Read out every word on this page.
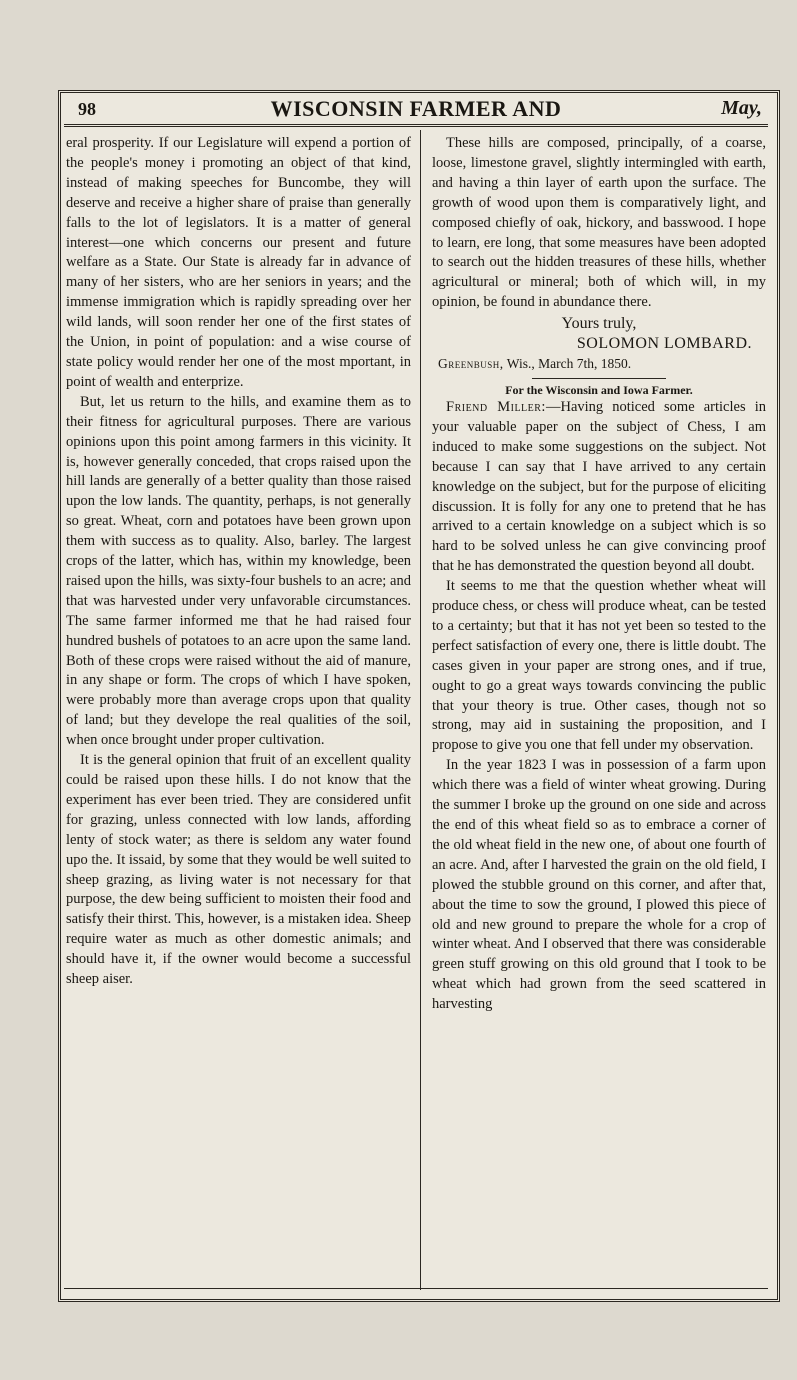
98	WISCONSIN FARMER AND	May,

eral prosperity. If our Legislature will expend a portion of the people's money i promoting an object of that kind, instead of making speeches for Buncombe, they will deserve and receive a higher share of praise than generally falls to the lot of legislators. It is a matter of general interest—one which concerns our present and future welfare as a State. Our State is already far in advance of many of her sisters, who are her seniors in years; and the immense immigration which is rapidly spreading over her wild lands, will soon render her one of the first states of the Union, in point of population: and a wise course of state policy would render her one of the most mportant, in point of wealth and enterprize.

But, let us return to the hills, and examine them as to their fitness for agricultural purposes. There are various opinions upon this point among farmers in this vicinity. It is, however generally conceded, that crops raised upon the hill lands are generally of a better quality than those raised upon the low lands. The quantity, perhaps, is not generally so great. Wheat, corn and potatoes have been grown upon them with success as to quality. Also, barley. The largest crops of the latter, which has, within my knowledge, been raised upon the hills, was sixty-four bushels to an acre; and that was harvested under very unfavorable circumstances. The same farmer informed me that he had raised four hundred bushels of potatoes to an acre upon the same land. Both of these crops were raised without the aid of manure, in any shape or form. The crops of which I have spoken, were probably more than average crops upon that quality of land; but they develope the real qualities of the soil, when once brought under proper cultivation.

It is the general opinion that fruit of an excellent quality could be raised upon these hills. I do not know that the experiment has ever been tried. They are considered unfit for grazing, unless connected with low lands, affording lenty of stock water; as there is seldom any water found upo the. It issaid, by some that they would be well suited to sheep grazing, as living water is not necessary for that purpose, the dew being sufficient to moisten their food and satisfy their thirst. This, however, is a mistaken idea. Sheep require water as much as other domestic animals; and should have it, if the owner would become a successful sheep aiser.

These hills are composed, principally, of a coarse, loose, limestone gravel, slightly intermingled with earth, and having a thin layer of earth upon the surface. The growth of wood upon them is comparatively light, and composed chiefly of oak, hickory, and basswood. I hope to learn, ere long, that some measures have been adopted to search out the hidden treasures of these hills, whether agricultural or mineral; both of which will, in my opinion, be found in abundance there.

Yours truly,

SOLOMON LOMBARD.

Greenbush, Wis., March 7th, 1850.

For the Wisconsin and Iowa Farmer.

Friend Miller:—Having noticed some articles in your valuable paper on the subject of Chess, I am induced to make some suggestions on the subject. Not because I can say that I have arrived to any certain knowledge on the subject, but for the purpose of eliciting discussion. It is folly for any one to pretend that he has arrived to a certain knowledge on a subject which is so hard to be solved unless he can give convincing proof that he has demonstrated the question beyond all doubt.

It seems to me that the question whether wheat will produce chess, or chess will produce wheat, can be tested to a certainty; but that it has not yet been so tested to the perfect satisfaction of every one, there is little doubt. The cases given in your paper are strong ones, and if true, ought to go a great ways towards convincing the public that your theory is true. Other cases, though not so strong, may aid in sustaining the proposition, and I propose to give you one that fell under my observation.

In the year 1823 I was in possession of a farm upon which there was a field of winter wheat growing. During the summer I broke up the ground on one side and across the end of this wheat field so as to embrace a corner of the old wheat field in the new one, of about one fourth of an acre. And, after I harvested the grain on the old field, I plowed the stubble ground on this corner, and after that, about the time to sow the ground, I plowed this piece of old and new ground to prepare the whole for a crop of winter wheat. And I observed that there was considerable green stuff growing on this old ground that I took to be wheat which had grown from the seed scattered in harvesting
